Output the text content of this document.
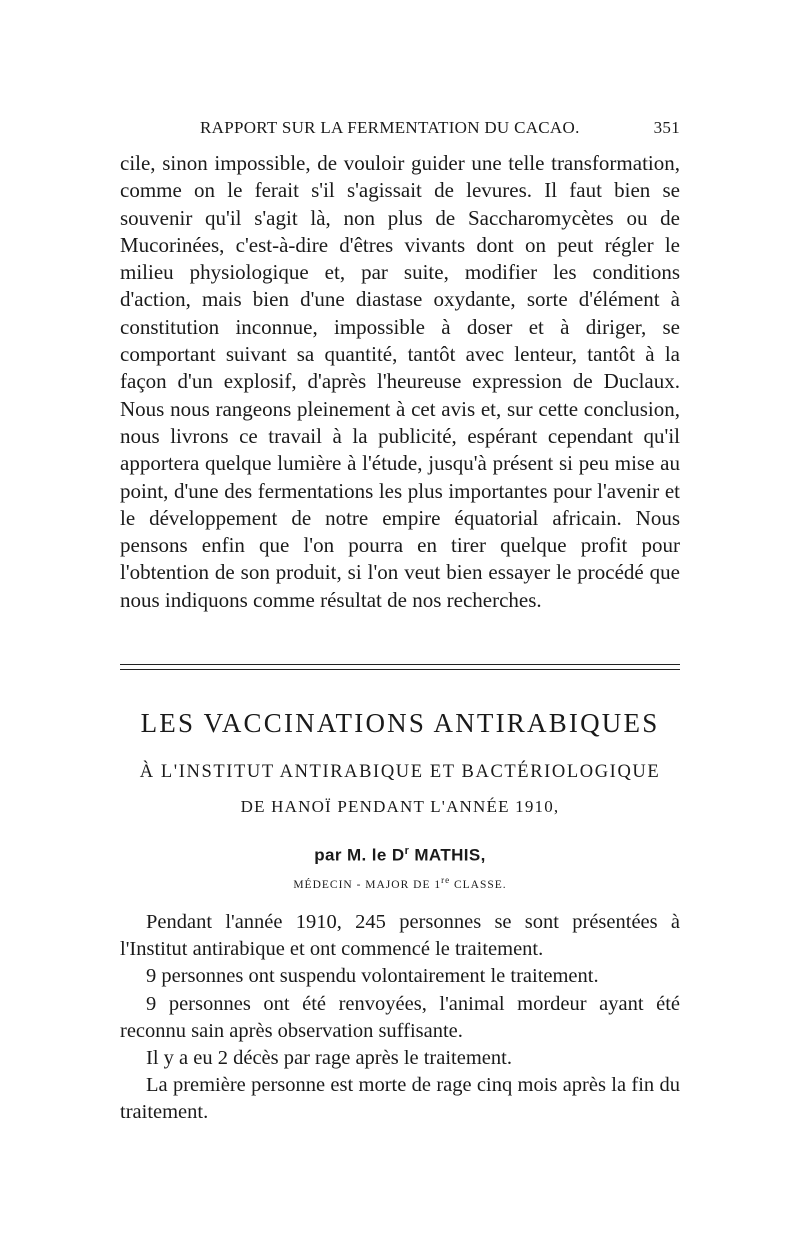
RAPPORT SUR LA FERMENTATION DU CACAO.	351

cile, sinon impossible, de vouloir guider une telle transformation, comme on le ferait s'il s'agissait de levures. Il faut bien se souvenir qu'il s'agit là, non plus de Saccharomycètes ou de Mucorinées, c'est-à-dire d'êtres vivants dont on peut régler le milieu physiologique et, par suite, modifier les conditions d'action, mais bien d'une diastase oxydante, sorte d'élément à constitution inconnue, impossible à doser et à diriger, se comportant suivant sa quantité, tantôt avec lenteur, tantôt à la façon d'un explosif, d'après l'heureuse expression de Duclaux. Nous nous rangeons pleinement à cet avis et, sur cette conclusion, nous livrons ce travail à la publicité, espérant cependant qu'il apportera quelque lumière à l'étude, jusqu'à présent si peu mise au point, d'une des fermentations les plus importantes pour l'avenir et le développement de notre empire équatorial africain. Nous pensons enfin que l'on pourra en tirer quelque profit pour l'obtention de son produit, si l'on veut bien essayer le procédé que nous indiquons comme résultat de nos recherches.

LES VACCINATIONS ANTIRABIQUES
À L'INSTITUT ANTIRABIQUE ET BACTÉRIOLOGIQUE
DE HANOÏ PENDANT L'ANNÉE 1910,
par M. le $D^r$ MATHIS,
MÉDECIN - MAJOR DE 1re CLASSE.

Pendant l'année 1910, 245 personnes se sont présentées à l'Institut antirabique et ont commencé le traitement.

9 personnes ont suspendu volontairement le traitement.

9 personnes ont été renvoyées, l'animal mordeur ayant été reconnu sain après observation suffisante.

Il y a eu 2 décès par rage après le traitement.

La première personne est morte de rage cinq mois après la fin du traitement.
